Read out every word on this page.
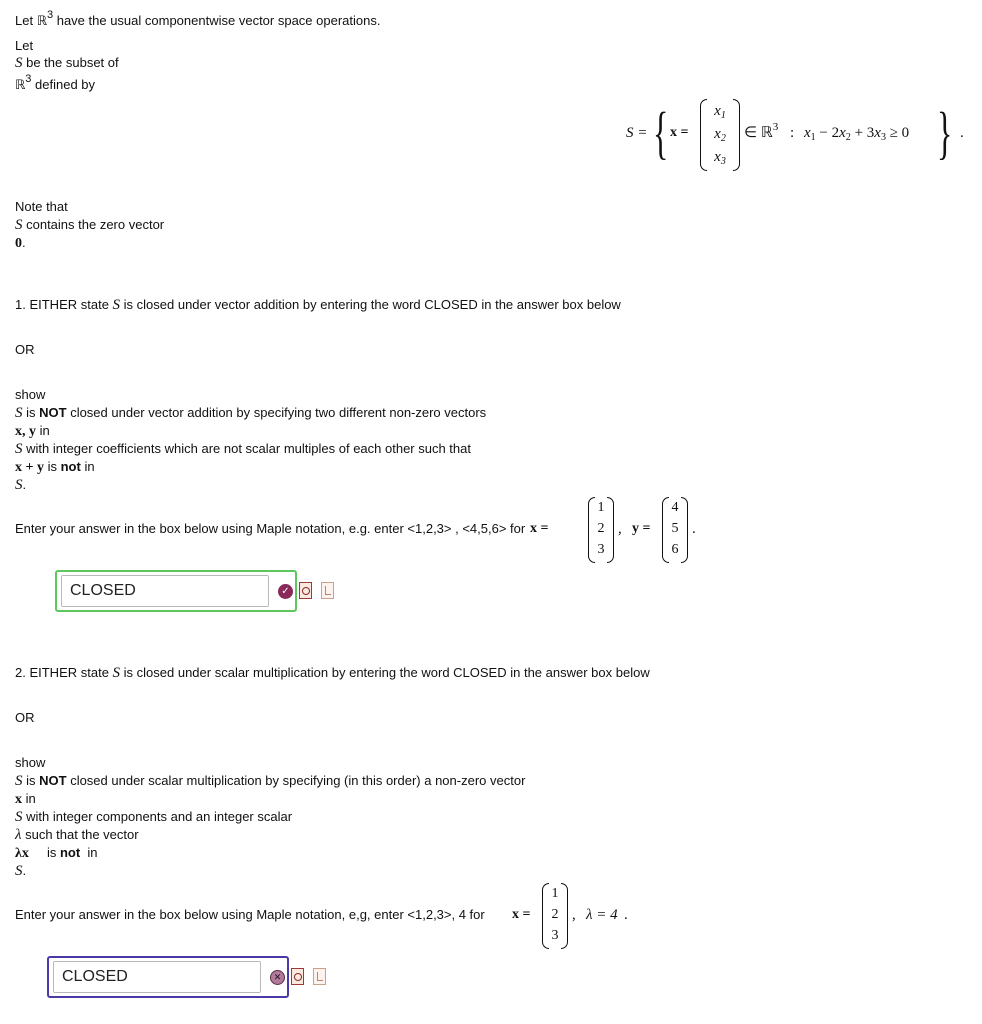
Let ℝ$^3$ have the usual componentwise vector space operations.
Let
S be the subset of
ℝ$^3$ defined by
S = { x =
$x_1$
$x_2$
$x_3$
∈ ℝ$^3$ : $x_1 - 2x_2 + 3x_3 \ge 0$ } .
Note that
S contains the zero vector
0.
1. EITHER state S is closed under vector addition by entering the word CLOSED in the answer box below
OR
show
S is NOT closed under vector addition by specifying two different non-zero vectors
x, y in
S with integer coefficients which are not scalar multiples of each other such that
x + y is not in
S.
Enter your answer in the box below using Maple notation, e.g. enter <1,2,3> , <4,5,6> for x =
1
2
3
, y =
4
5
6
.
CLOSED
✓
2. EITHER state S is closed under scalar multiplication by entering the word CLOSED in the answer box below
OR
show
S is NOT closed under scalar multiplication by specifying (in this order) a non-zero vector
x in
S with integer components and an integer scalar
λ such that the vector
λx     is not  in
S.
Enter your answer in the box below using Maple notation, e,g, enter <1,2,3>, 4 for x =
1
2
3
, λ = 4 .
CLOSED
✕
